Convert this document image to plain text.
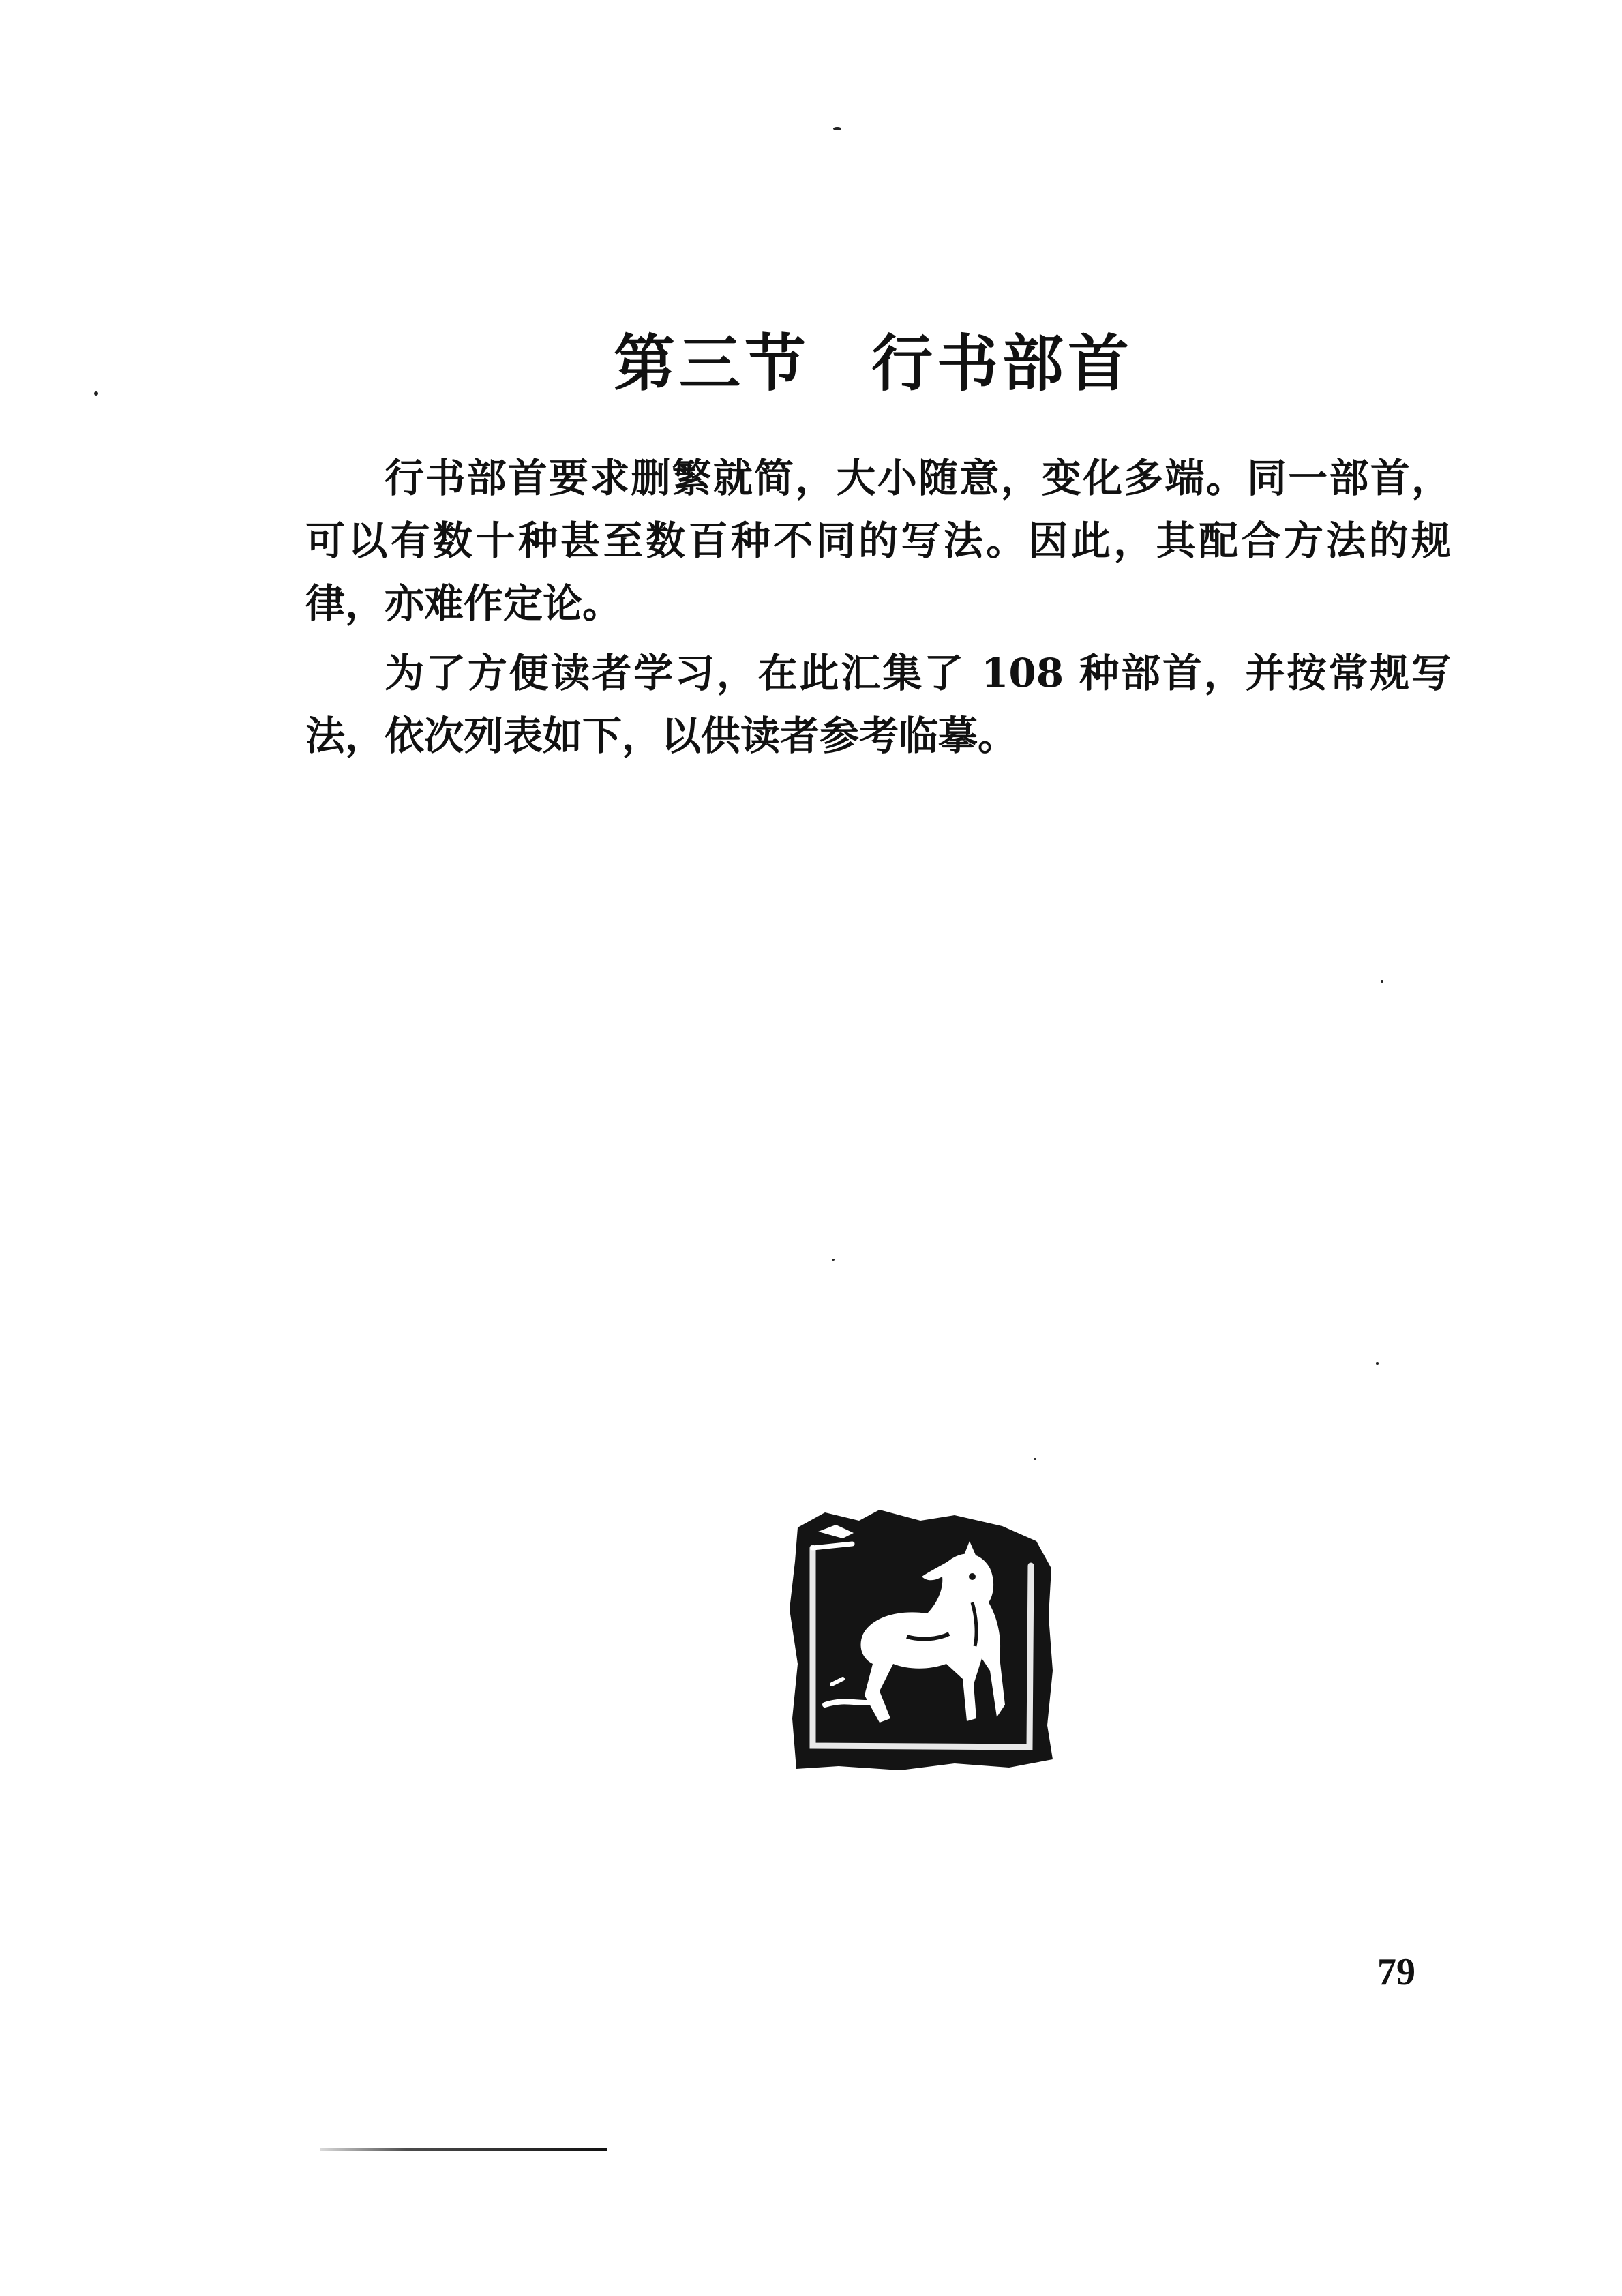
第三节 行书部首

行书部首要求删繁就简，大小随意，变化多端。同一部首，可以有数十种甚至数百种不同的写法。因此，其配合方法的规律，亦难作定论。

为了方便读者学习，在此汇集了 108 种部首，并按常规写法，依次列表如下，以供读者参考临摹。

79
